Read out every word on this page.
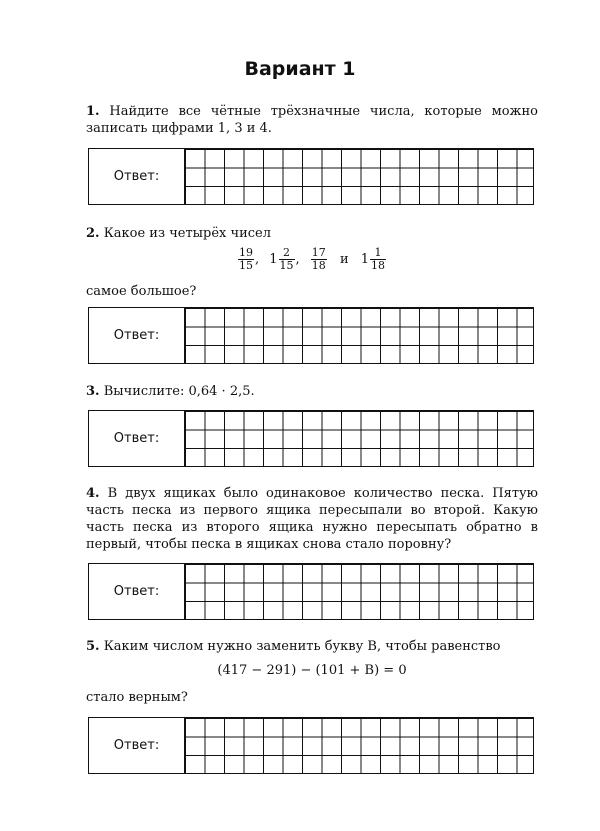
Вариант 1
1. Найдите все чётные трёхзначные числа, которые можно записать цифрами 1, 3 и 4.
Ответ:
2. Какое из четырёх чисел
$\frac{19}{15}$ , $1 \frac{2}{15}$ , $\frac{17}{18}$ и $1 \frac{1}{18}$
самое большое?
Ответ:
3. Вычислите: 0,64 · 2,5.
Ответ:
4. В двух ящиках было одинаковое количество песка. Пятую часть песка из первого ящика пересыпали во второй. Какую часть песка из второго ящика нужно пересыпать обратно в первый, чтобы песка в ящиках снова стало поровну?
Ответ:
5. Каким числом нужно заменить букву B, чтобы равенство
(417 − 291) − (101 + B) = 0
стало верным?
Ответ:
